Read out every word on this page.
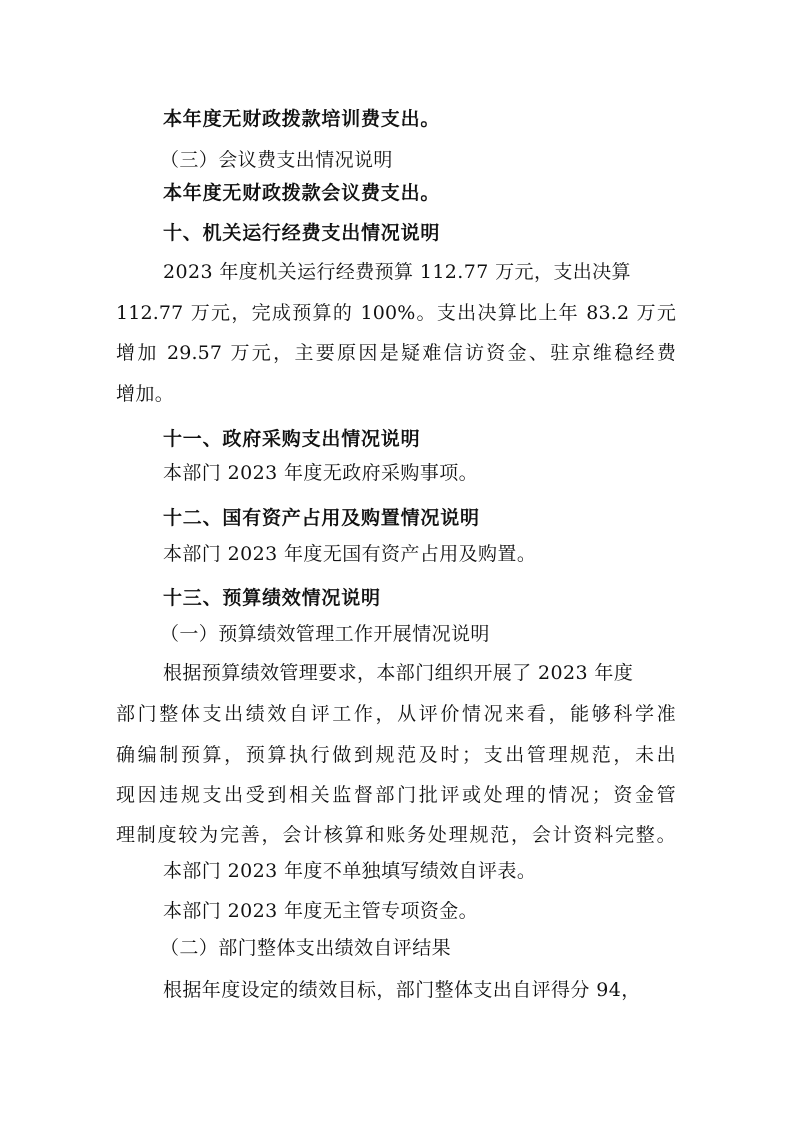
本年度无财政拨款培训费支出。
（三）会议费支出情况说明
本年度无财政拨款会议费支出。
十、机关运行经费支出情况说明
2023 年度机关运行经费预算 112.77 万元，支出决算
112.77 万元，完成预算的 100%。支出决算比上年 83.2 万元
增加 29.57 万元，主要原因是疑难信访资金、驻京维稳经费
增加。
十一、政府采购支出情况说明
本部门 2023 年度无政府采购事项。
十二、国有资产占用及购置情况说明
本部门 2023 年度无国有资产占用及购置。
十三、预算绩效情况说明
（一）预算绩效管理工作开展情况说明
根据预算绩效管理要求，本部门组织开展了 2023 年度
部门整体支出绩效自评工作，从评价情况来看，能够科学准
确编制预算，预算执行做到规范及时；支出管理规范，未出
现因违规支出受到相关监督部门批评或处理的情况；资金管
理制度较为完善，会计核算和账务处理规范，会计资料完整。
本部门 2023 年度不单独填写绩效自评表。
本部门 2023 年度无主管专项资金。
（二）部门整体支出绩效自评结果
根据年度设定的绩效目标，部门整体支出自评得分 94，
